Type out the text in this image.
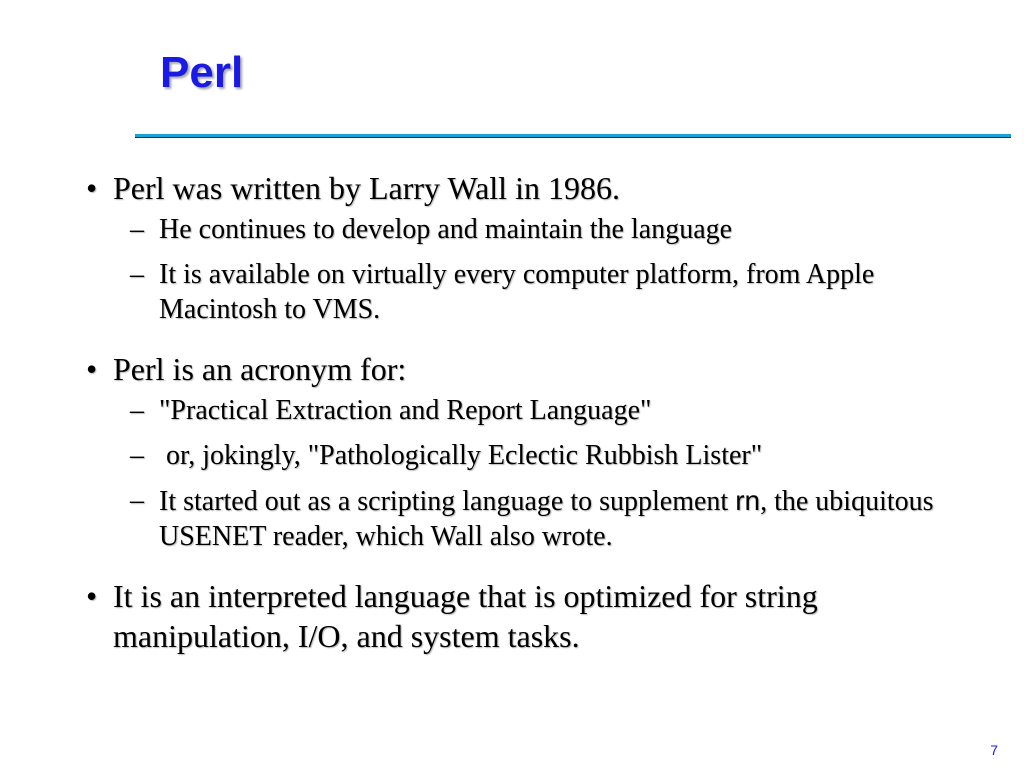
Perl
• Perl was written by Larry Wall in 1986.
– He continues to develop and maintain the language
– It is available on virtually every computer platform, from Apple Macintosh to VMS.
• Perl is an acronym for:
– "Practical Extraction and Report Language"
– or, jokingly, "Pathologically Eclectic Rubbish Lister"
– It started out as a scripting language to supplement rn, the ubiquitous USENET reader, which Wall also wrote.
• It is an interpreted language that is optimized for string manipulation, I/O, and system tasks.
7
